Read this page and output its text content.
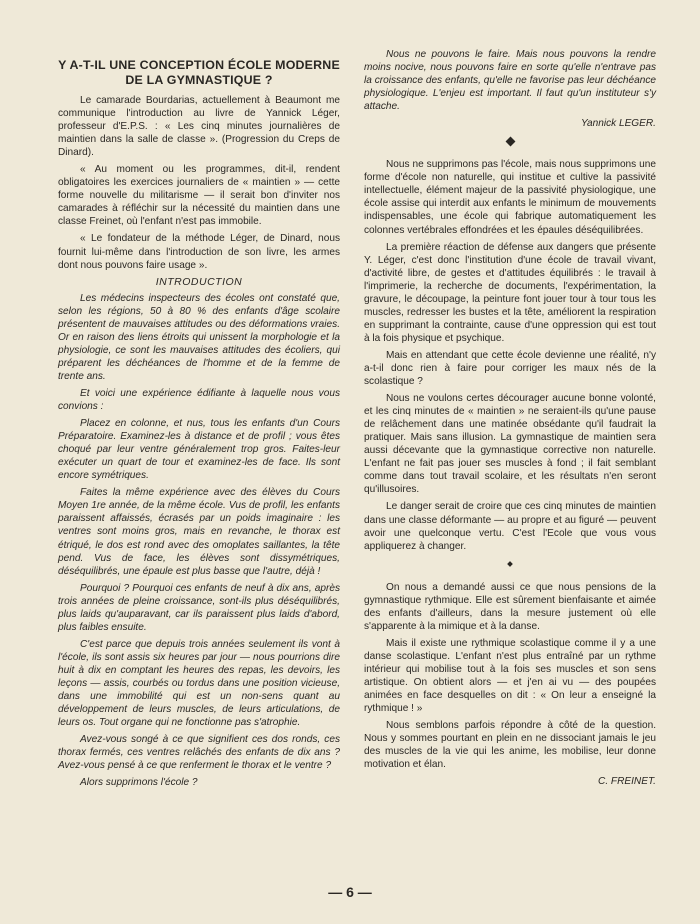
Y A-T-IL UNE CONCEPTION ÉCOLE MODERNE
DE LA GYMNASTIQUE ?

Le camarade Bourdarias, actuellement à Beaumont me communique l'introduction au livre de Yannick Léger, professeur d'E.P.S. : « Les cinq minutes journalières de maintien dans la salle de classe ». (Progression du Creps de Dinard).

« Au moment ou les programmes, dit-il, rendent obligatoires les exercices journaliers de « maintien » — cette forme nouvelle du militarisme — il serait bon d'inviter nos camarades à réfléchir sur la nécessité du maintien dans une classe Freinet, où l'enfant n'est pas immobile.

« Le fondateur de la méthode Léger, de Dinard, nous fournit lui-même dans l'introduction de son livre, les armes dont nous pouvons faire usage ».

INTRODUCTION

Les médecins inspecteurs des écoles ont constaté que, selon les régions, 50 à 80 % des enfants d'âge scolaire présentent de mauvaises attitudes ou des déformations vraies. Or en raison des liens étroits qui unissent la morphologie et la physiologie, ce sont les mauvaises attitudes des écoliers, qui préparent les déchéances de l'homme et de la femme de trente ans.

Et voici une expérience édifiante à laquelle nous vous convions :

Placez en colonne, et nus, tous les enfants d'un Cours Préparatoire. Examinez-les à distance et de profil ; vous êtes choqué par leur ventre généralement trop gros. Faites-leur exécuter un quart de tour et examinez-les de face. Ils sont encore symétriques.

Faites la même expérience avec des élèves du Cours Moyen 1re année, de la même école. Vus de profil, les enfants paraissent affaissés, écrasés par un poids imaginaire : les ventres sont moins gros, mais en revanche, le thorax est étriqué, le dos est rond avec des omoplates saillantes, la tête pend. Vus de face, les élèves sont dissymétriques, déséquilibrés, une épaule est plus basse que l'autre, déjà !

Pourquoi ? Pourquoi ces enfants de neuf à dix ans, après trois années de pleine croissance, sont-ils plus déséquilibrés, plus laids qu'auparavant, car ils paraissent plus laids d'abord, plus faibles ensuite.

C'est parce que depuis trois années seulement ils vont à l'école, ils sont assis six heures par jour — nous pourrions dire huit à dix en comptant les heures des repas, les devoirs, les leçons — assis, courbés ou tordus dans une position vicieuse, dans une immobilité qui est un non-sens quant au développement de leurs muscles, de leurs articulations, de leurs os. Tout organe qui ne fonctionne pas s'atrophie.

Avez-vous songé à ce que signifient ces dos ronds, ces thorax fermés, ces ventres relâchés des enfants de dix ans ? Avez-vous pensé à ce que renferment le thorax et le ventre ?

Alors supprimons l'école ?

Nous ne pouvons le faire. Mais nous pouvons la rendre moins nocive, nous pouvons faire en sorte qu'elle n'entrave pas la croissance des enfants, qu'elle ne favorise pas leur déchéance physiologique. L'enjeu est important. Il faut qu'un instituteur s'y attache.

Yannick LEGER.

Nous ne supprimons pas l'école, mais nous supprimons une forme d'école non naturelle, qui institue et cultive la passivité intellectuelle, élément majeur de la passivité physiologique, une école assise qui interdit aux enfants le minimum de mouvements indispensables, une école qui fabrique automatiquement les colonnes vertébrales effondrées et les épaules déséquilibrées.

La première réaction de défense aux dangers que présente Y. Léger, c'est donc l'institution d'une école de travail vivant, d'activité libre, de gestes et d'attitudes équilibrés : le travail à l'imprimerie, la recherche de documents, l'expérimentation, la gravure, le découpage, la peinture font jouer tour à tour tous les muscles, redresser les bustes et la tête, améliorent la respiration en supprimant la contrainte, cause d'une oppression qui est tout à la fois physique et psychique.

Mais en attendant que cette école devienne une réalité, n'y a-t-il donc rien à faire pour corriger les maux nés de la scolastique ?

Nous ne voulons certes décourager aucune bonne volonté, et les cinq minutes de « maintien » ne seraient-ils qu'une pause de relâchement dans une matinée obsédante qu'il faudrait la pratiquer. Mais sans illusion. La gymnastique de maintien sera aussi décevante que la gymnastique corrective non naturelle. L'enfant ne fait pas jouer ses muscles à fond ; il fait semblant comme dans tout travail scolaire, et les résultats n'en seront qu'illusoires.

Le danger serait de croire que ces cinq minutes de maintien dans une classe déformante — au propre et au figuré — peuvent avoir une quelconque vertu. C'est l'Ecole que vous vous appliquerez à changer.

On nous a demandé aussi ce que nous pensions de la gymnastique rythmique. Elle est sûrement bienfaisante et aimée des enfants d'ailleurs, dans la mesure justement où elle s'apparente à la mimique et à la danse.

Mais il existe une rythmique scolastique comme il y a une danse scolastique. L'enfant n'est plus entraîné par un rythme intérieur qui mobilise tout à la fois ses muscles et son sens artistique. On obtient alors — et j'en ai vu — des poupées animées en face desquelles on dit : « On leur a enseigné la rythmique ! »

Nous semblons parfois répondre à côté de la question. Nous y sommes pourtant en plein en ne dissociant jamais le jeu des muscles de la vie qui les anime, les mobilise, leur donne motivation et élan.

C. FREINET.
— 6 —
